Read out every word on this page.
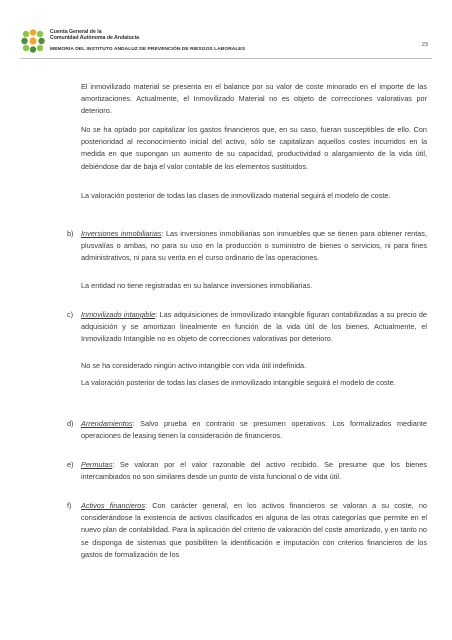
Cuenta General de la
Comunidad Autónoma de Andalucía
23
MEMORIA DEL INSTITUTO ANDALUZ DE PREVENCIÓN DE RIESGOS LABORALES

El inmovilizado material se presenta en el balance por su valor de coste minorado en el importe de las amortizaciones. Actualmente, el Inmovilizado Material no es objeto de correcciones valorativas por deterioro.

No se ha optado por capitalizar los gastos financieros que, en su caso, fueran susceptibles de ello. Con posterioridad al reconocimiento inicial del activo, sólo se capitalizan aquellos costes incurridos en la medida en que supongan un aumento de su capacidad, productividad o alargamiento de la vida útil, debiéndose dar de baja el valor contable de los elementos sustituidos.

La valoración posterior de todas las clases de inmovilizado material seguirá el modelo de coste.

b) Inversiones inmobiliarias: Las inversiones inmobiliarias son inmuebles que se tienen para obtener rentas, plusvalías o ambas, no para su uso en la producción o suministro de bienes o servicios, ni para fines administrativos, ni para su venta en el curso ordinario de las operaciones.

La entidad no tiene registradas en su balance inversiones inmobiliarias.

c) Inmovilizado intangible: Las adquisiciones de inmovilizado intangible figuran contabilizadas a su precio de adquisición y se amortizan linealmente en función de la vida útil de los bienes. Actualmente, el Inmovilizado Intangible no es objeto de correcciones valorativas por deterioro.

No se ha considerado ningún activo intangible con vida útil indefinida.

La valoración posterior de todas las clases de inmovilizado intangible seguirá el modelo de coste.

d) Arrendamientos: Salvo prueba en contrario se presumen operativos. Los formalizados mediante operaciones de leasing tienen la consideración de financieros.

e) Permutas: Se valoran por el valor razonable del activo recibido. Se presume que los bienes intercambiados no son similares desde un punto de vista funcional o de vida útil.

f) Activos financieros: Con carácter general, en los activos financieros se valoran a su coste, no considerándose la existencia de activos clasificados en alguna de las otras categorías que permite en el nuevo plan de contabilidad. Para la aplicación del criterio de valoración del coste amortizado, y en tanto no se disponga de sistemas que posibiliten la identificación e imputación con criterios financieros de los gastos de formalización de los
